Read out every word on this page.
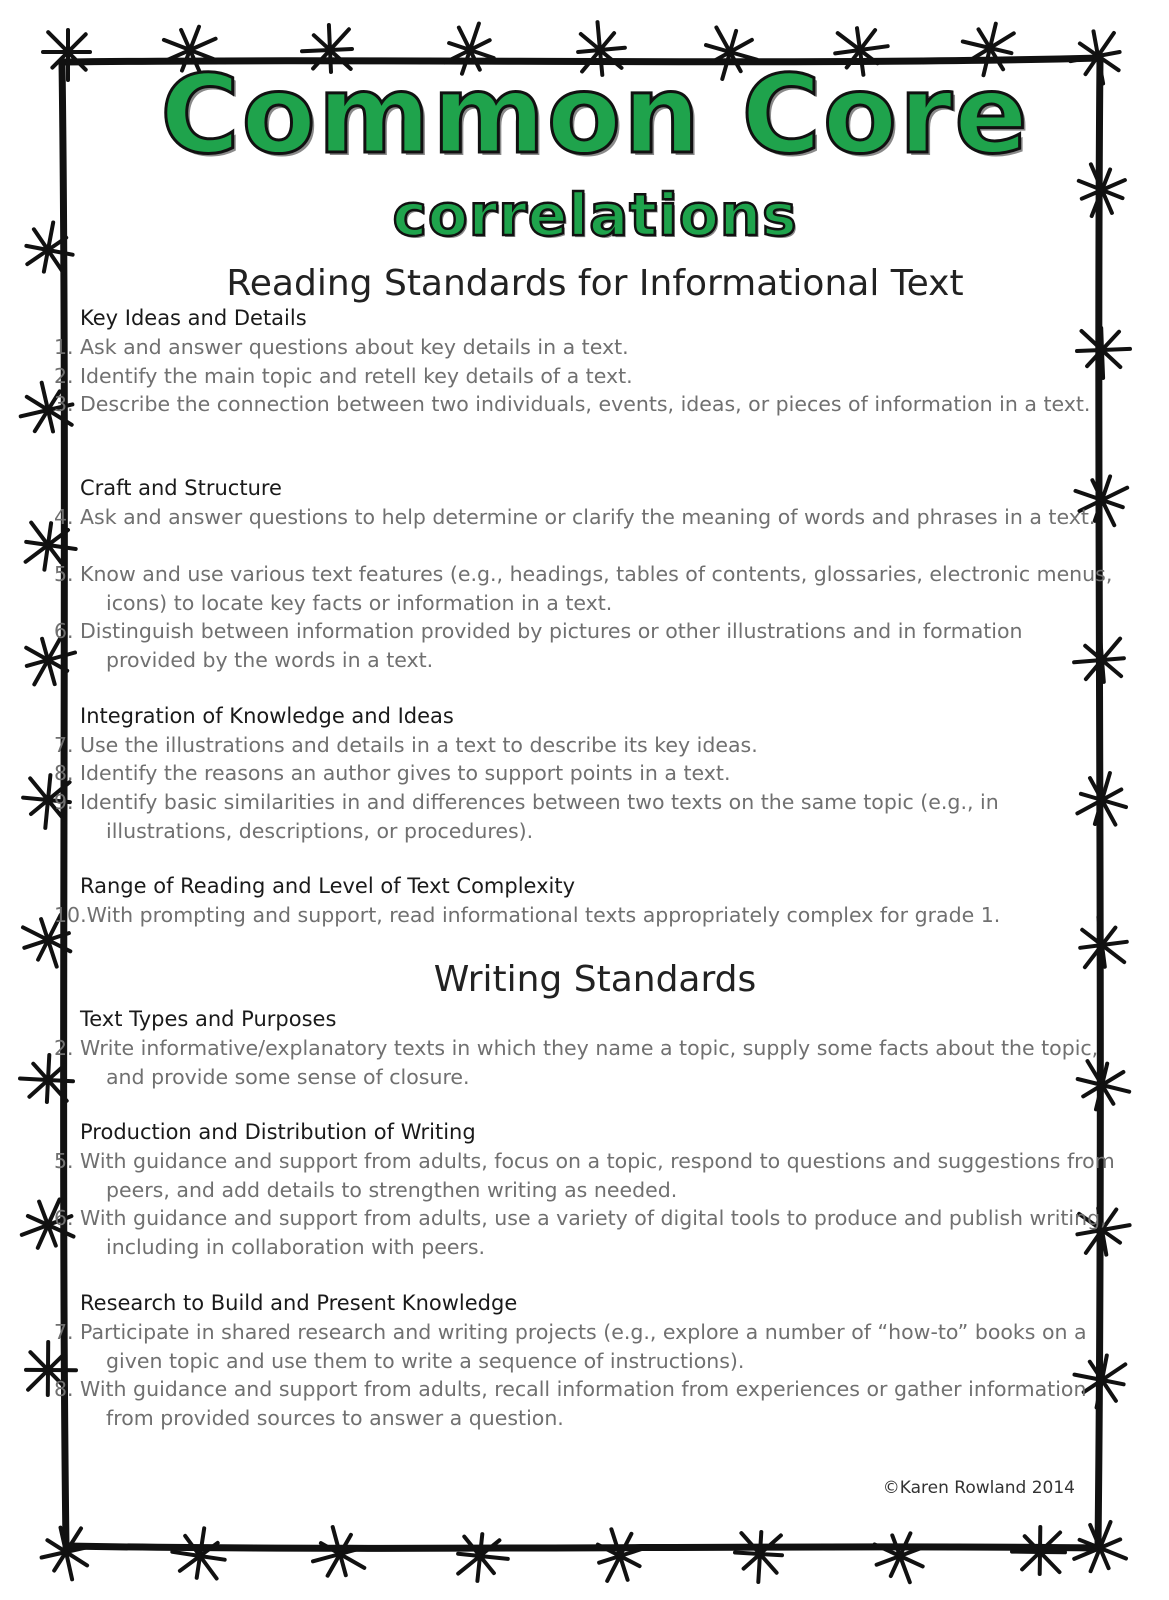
Common Core
correlations
Reading Standards for Informational Text
Key Ideas and Details
1. Ask and answer questions about key details in a text.
2. Identify the main topic and retell key details of a text.
3. Describe the connection between two individuals, events, ideas, or pieces of information in a text.
Craft and Structure
4. Ask and answer questions to help determine or clarify the meaning of words and phrases in a text.
5. Know and use various text features (e.g., headings, tables of contents, glossaries, electronic menus, icons) to locate key facts or information in a text.
6. Distinguish between information provided by pictures or other illustrations and in formation provided by the words in a text.
Integration of Knowledge and Ideas
7. Use the illustrations and details in a text to describe its key ideas.
8. Identify the reasons an author gives to support points in a text.
9. Identify basic similarities in and differences between two texts on the same topic (e.g., in illustrations, descriptions, or procedures).
Range of Reading and Level of Text Complexity
10.With prompting and support, read informational texts appropriately complex for grade 1.
Writing Standards
Text Types and Purposes
2. Write informative/explanatory texts in which they name a topic, supply some facts about the topic, and provide some sense of closure.
Production and Distribution of Writing
5. With guidance and support from adults, focus on a topic, respond to questions and suggestions from peers, and add details to strengthen writing as needed.
6. With guidance and support from adults, use a variety of digital tools to produce and publish writing, including in collaboration with peers.
Research to Build and Present Knowledge
7. Participate in shared research and writing projects (e.g., explore a number of “how-to” books on a given topic and use them to write a sequence of instructions).
8. With guidance and support from adults, recall information from experiences or gather information from provided sources to answer a question.
©Karen Rowland 2014
